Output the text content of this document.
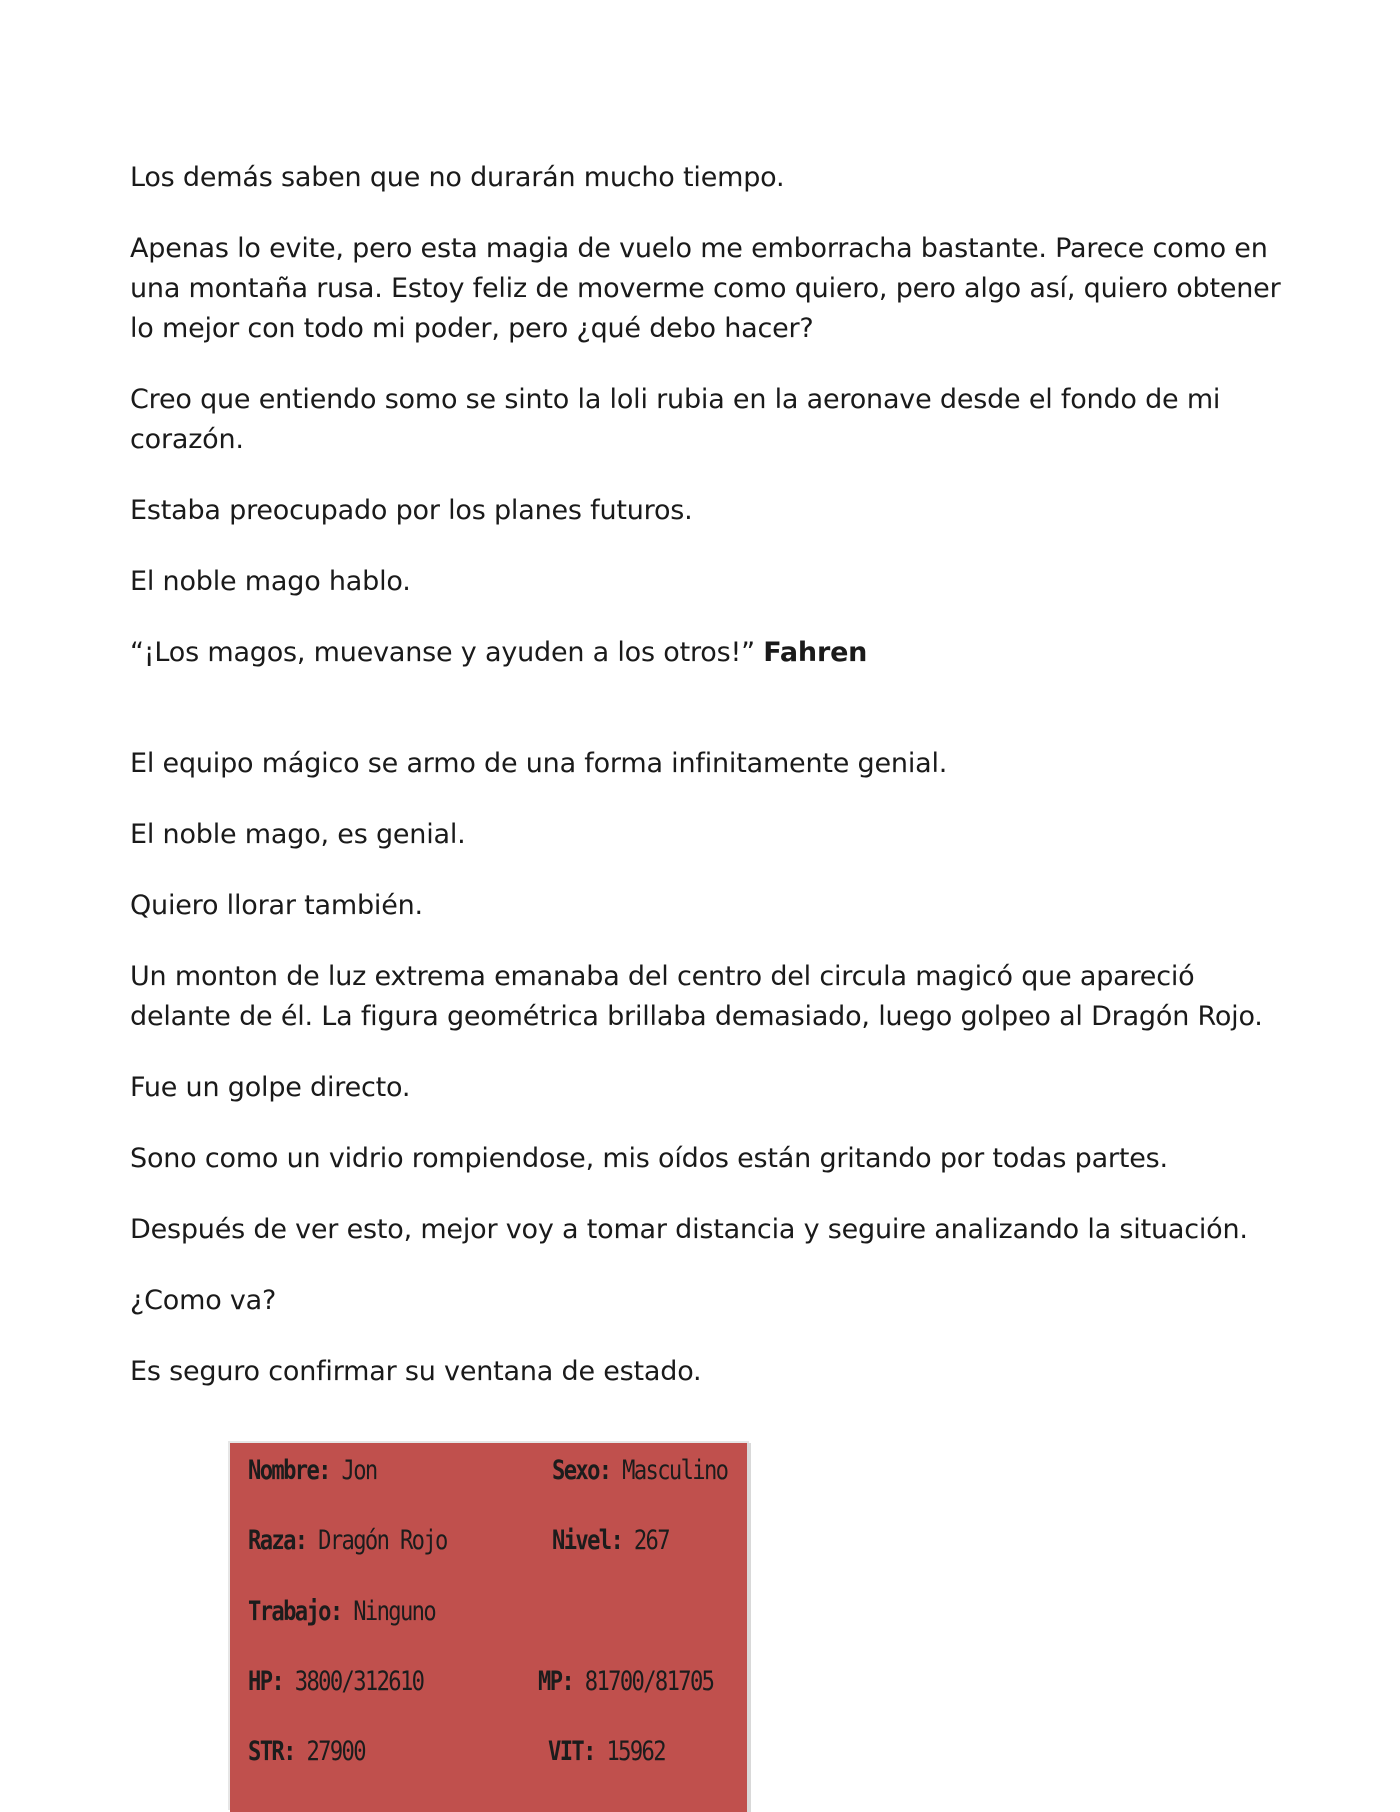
Los demás saben que no durarán mucho tiempo.

Apenas lo evite, pero esta magia de vuelo me emborracha bastante. Parece como en una montaña rusa. Estoy feliz de moverme como quiero, pero algo así, quiero obtener lo mejor con todo mi poder, pero ¿qué debo hacer?

Creo que entiendo somo se sinto la loli rubia en la aeronave desde el fondo de mi corazón.

Estaba preocupado por los planes futuros.

El noble mago hablo.

“¡Los magos, muevanse y ayuden a los otros!” Fahren

El equipo mágico se armo de una forma infinitamente genial.

El noble mago, es genial.

Quiero llorar también.

Un monton de luz extrema emanaba del centro del circula magicó que apareció delante de él. La figura geométrica brillaba demasiado, luego golpeo al Dragón Rojo.

Fue un golpe directo.

Sono como un vidrio rompiendose, mis oídos están gritando por todas partes.

Después de ver esto, mejor voy a tomar distancia y seguire analizando la situación.

¿Como va?

Es seguro confirmar su ventana de estado.

Nombre: Jon	Sexo: Masculino
Raza: Dragón Rojo	Nivel: 267
Trabajo: Ninguno
HP: 3800/312610	MP: 81700/81705
STR: 27900	VIT: 15962
